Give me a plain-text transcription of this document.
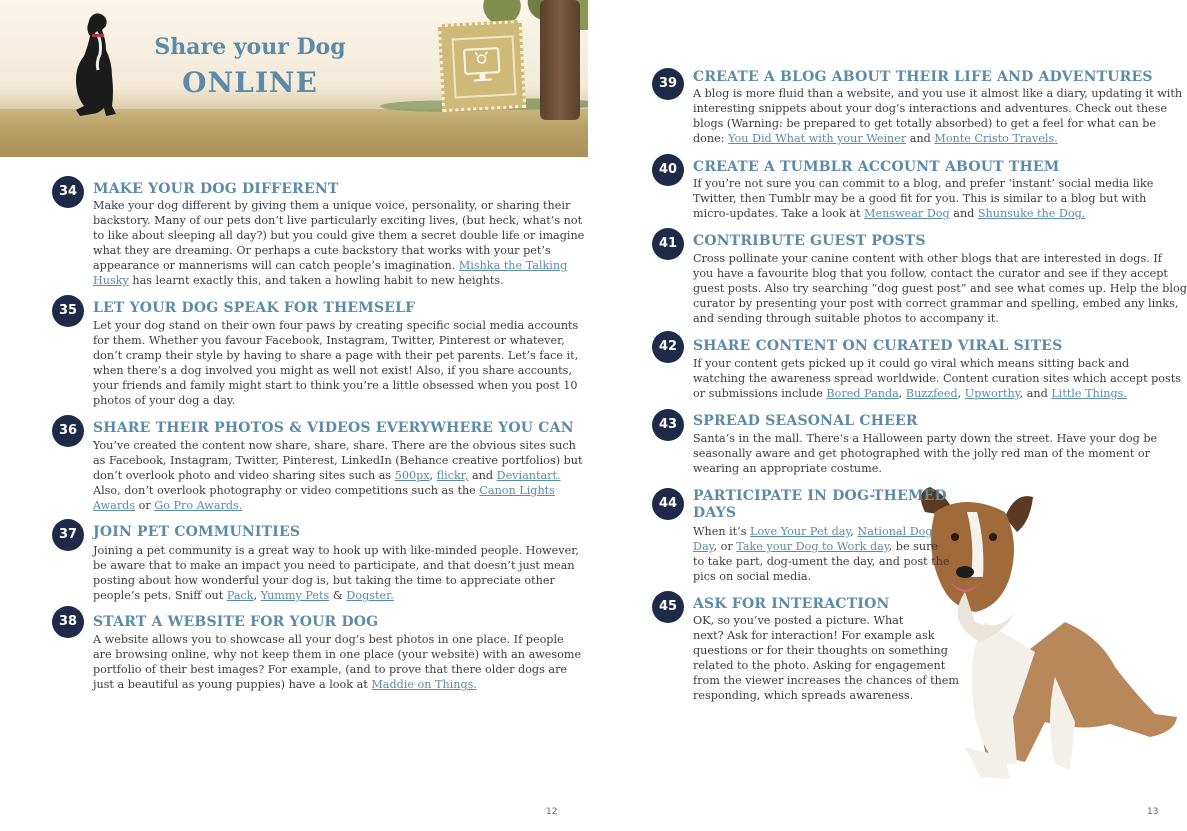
Share your Dog
ONLINE
12	13
34	MAKE YOUR DOG DIFFERENT
Make your dog different by giving them a unique voice, personality, or sharing their
backstory. Many of our pets don’t live particularly exciting lives, (but heck, what’s not
to like about sleeping all day?) but you could give them a secret double life or imagine
what they are dreaming. Or perhaps a cute backstory that works with your pet’s
appearance or mannerisms will can catch people’s imagination. Mishka the Talking
Husky has learnt exactly this, and taken a howling habit to new heights.
35	LET YOUR DOG SPEAK FOR THEMSELF
Let your dog stand on their own four paws by creating specific social media accounts
for them. Whether you favour Facebook, Instagram, Twitter, Pinterest or whatever,
don’t cramp their style by having to share a page with their pet parents. Let’s face it,
when there’s a dog involved you might as well not exist! Also, if you share accounts,
your friends and family might start to think you’re a little obsessed when you post 10
photos of your dog a day.
36	SHARE THEIR PHOTOS & VIDEOS EVERYWHERE YOU CAN
You’ve created the content now share, share, share. There are the obvious sites such
as Facebook, Instagram, Twitter, Pinterest, LinkedIn (Behance creative portfolios) but
don’t overlook photo and video sharing sites such as 500px, flickr, and Deviantart.
Also, don’t overlook photography or video competitions such as the Canon Lights
Awards or Go Pro Awards.
37	JOIN PET COMMUNITIES
Joining a pet community is a great way to hook up with like-minded people. However,
be aware that to make an impact you need to participate, and that doesn’t just mean
posting about how wonderful your dog is, but taking the time to appreciate other
people’s pets. Sniff out Pack, Yummy Pets & Dogster.
38	START A WEBSITE FOR YOUR DOG
A website allows you to showcase all your dog’s best photos in one place. If people
are browsing online, why not keep them in one place (your website) with an awesome
portfolio of their best images? For example, (and to prove that there older dogs are
just a beautiful as young puppies) have a look at Maddie on Things.
39	CREATE A BLOG ABOUT THEIR LIFE AND ADVENTURES
A blog is more fluid than a website, and you use it almost like a diary, updating it with
interesting snippets about your dog’s interactions and adventures. Check out these
blogs (Warning: be prepared to get totally absorbed) to get a feel for what can be
done: You Did What with your Weiner and Monte Cristo Travels.
40	CREATE A TUMBLR ACCOUNT ABOUT THEM
If you’re not sure you can commit to a blog, and prefer ‘instant’ social media like
Twitter, then Tumblr may be a good fit for you. This is similar to a blog but with
micro-updates. Take a look at Menswear Dog and Shunsuke the Dog.
41	CONTRIBUTE GUEST POSTS
Cross pollinate your canine content with other blogs that are interested in dogs. If
you have a favourite blog that you follow, contact the curator and see if they accept
guest posts. Also try searching “dog guest post” and see what comes up. Help the blog
curator by presenting your post with correct grammar and spelling, embed any links,
and sending through suitable photos to accompany it.
42	SHARE CONTENT ON CURATED VIRAL SITES
If your content gets picked up it could go viral which means sitting back and
watching the awareness spread worldwide. Content curation sites which accept posts
or submissions include Bored Panda, Buzzfeed, Upworthy, and Little Things.
43	SPREAD SEASONAL CHEER
Santa’s in the mall. There’s a Halloween party down the street. Have your dog be
seasonally aware and get photographed with the jolly red man of the moment or
wearing an appropriate costume.
44	PARTICIPATE IN DOG-THEMED
DAYS
When it’s Love Your Pet day, National Dog
Day, or Take your Dog to Work day, be sure
to take part, dog-ument the day, and post the
pics on social media.
45	ASK FOR INTERACTION
OK, so you’ve posted a picture. What
next? Ask for interaction! For example ask
questions or for their thoughts on something
related to the photo. Asking for engagement
from the viewer increases the chances of them
responding, which spreads awareness.
